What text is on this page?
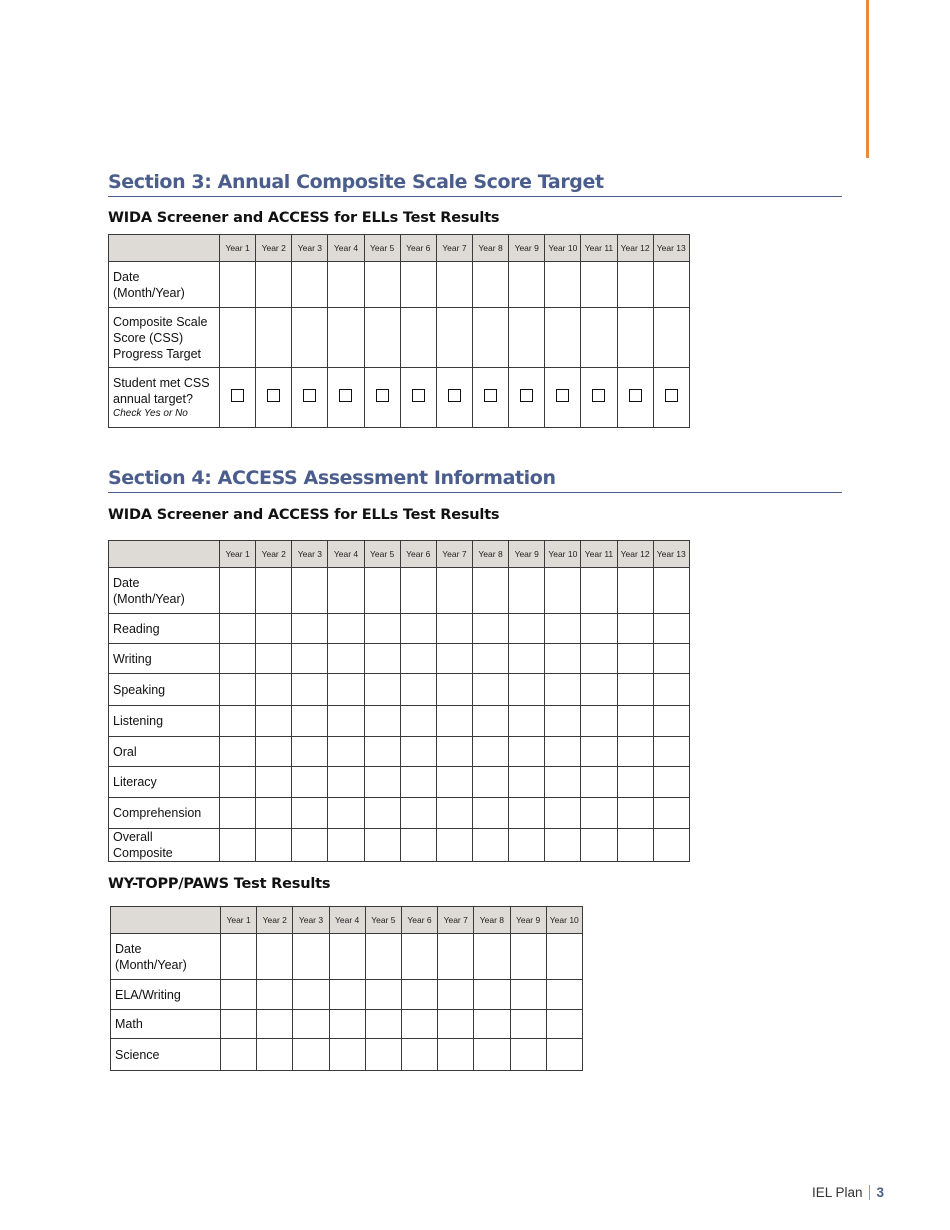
Section 3: Annual Composite Scale Score Target
WIDA Screener and ACCESS for ELLs Test Results
	Year 1	Year 2	Year 3	Year 4	Year 5	Year 6	Year 7	Year 8	Year 9	Year 10	Year 11	Year 12	Year 13

Date
(Month/Year)													

Composite Scale
Score (CSS)
Progress Target													

Student met CSS
annual target?
Check Yes or No													

Section 4: ACCESS Assessment Information
WIDA Screener and ACCESS for ELLs Test Results
	Year 1	Year 2	Year 3	Year 4	Year 5	Year 6	Year 7	Year 8	Year 9	Year 10	Year 11	Year 12	Year 13

Date
(Month/Year)													

Reading													

Writing													

Speaking													

Listening													

Oral													

Literacy													

Comprehension													

Overall Composite													

WY-TOPP/PAWS Test Results
	Year 1	Year 2	Year 3	Year 4	Year 5	Year 6	Year 7	Year 8	Year 9	Year 10

Date
(Month/Year)										

ELA/Writing										

Math										

Science										

IEL Plan 3
